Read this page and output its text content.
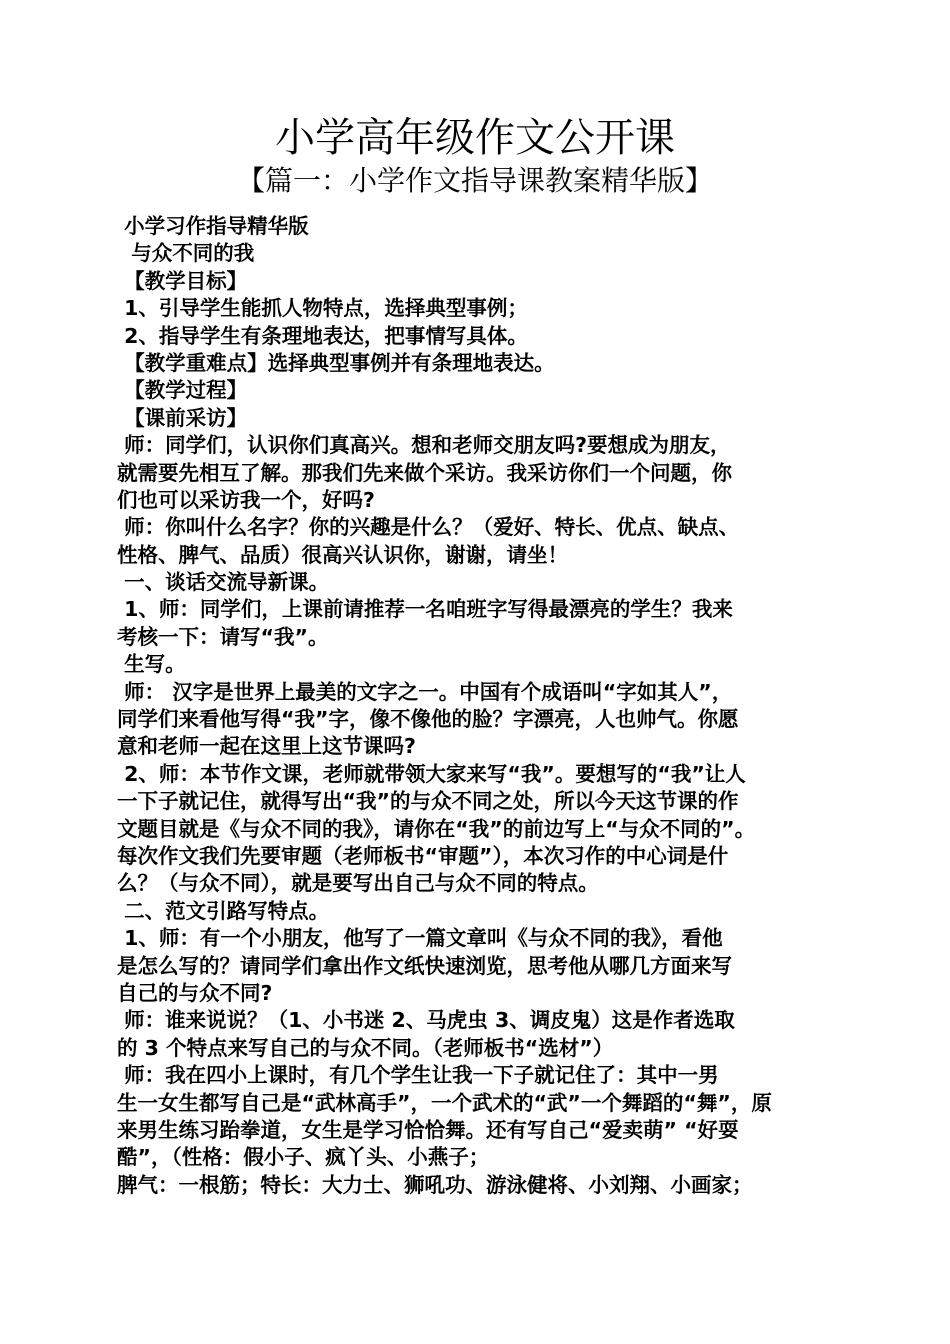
小学高年级作文公开课
【篇一：小学作文指导课教案精华版】
小学习作指导精华版
与众不同的我
【教学目标】
1、引导学生能抓人物特点，选择典型事例；
2、指导学生有条理地表达，把事情写具体。
【教学重难点】选择典型事例并有条理地表达。
【教学过程】
【课前采访】
师：同学们，认识你们真高兴。想和老师交朋友吗?要想成为朋友，
就需要先相互了解。那我们先来做个采访。我采访你们一个问题，你
们也可以采访我一个，好吗?
师：你叫什么名字？你的兴趣是什么？（爱好、特长、优点、缺点、
性格、脾气、品质）很高兴认识你，谢谢，请坐！
一、谈话交流导新课。
1、师：同学们，上课前请推荐一名咱班字写得最漂亮的学生？我来
考核一下：请写“我”。
生写。
师： 汉字是世界上最美的文字之一。中国有个成语叫“字如其人”，
同学们来看他写得“我”字，像不像他的脸？字漂亮，人也帅气。你愿
意和老师一起在这里上这节课吗?
2、师：本节作文课，老师就带领大家来写“我”。要想写的“我”让人
一下子就记住，就得写出“我”的与众不同之处，所以今天这节课的作
文题目就是《与众不同的我》，请你在“我”的前边写上“与众不同的”。
每次作文我们先要审题（老师板书“审题”），本次习作的中心词是什
么？（与众不同），就是要写出自己与众不同的特点。
二、范文引路写特点。
1、师：有一个小朋友，他写了一篇文章叫《与众不同的我》，看他
是怎么写的？请同学们拿出作文纸快速浏览，思考他从哪几方面来写
自己的与众不同?
师：谁来说说？（1、小书迷 2、马虎虫 3、调皮鬼）这是作者选取
的 3 个特点来写自己的与众不同。（老师板书“选材”）
师：我在四小上课时，有几个学生让我一下子就记住了：其中一男
生一女生都写自己是“武林高手”，一个武术的“武”一个舞蹈的“舞”，原
来男生练习跆拳道，女生是学习恰恰舞。还有写自己“爱卖萌” “好耍
酷”，（性格：假小子、疯丫头、小燕子；
脾气：一根筋；特长：大力士、狮吼功、游泳健将、小刘翔、小画家；
